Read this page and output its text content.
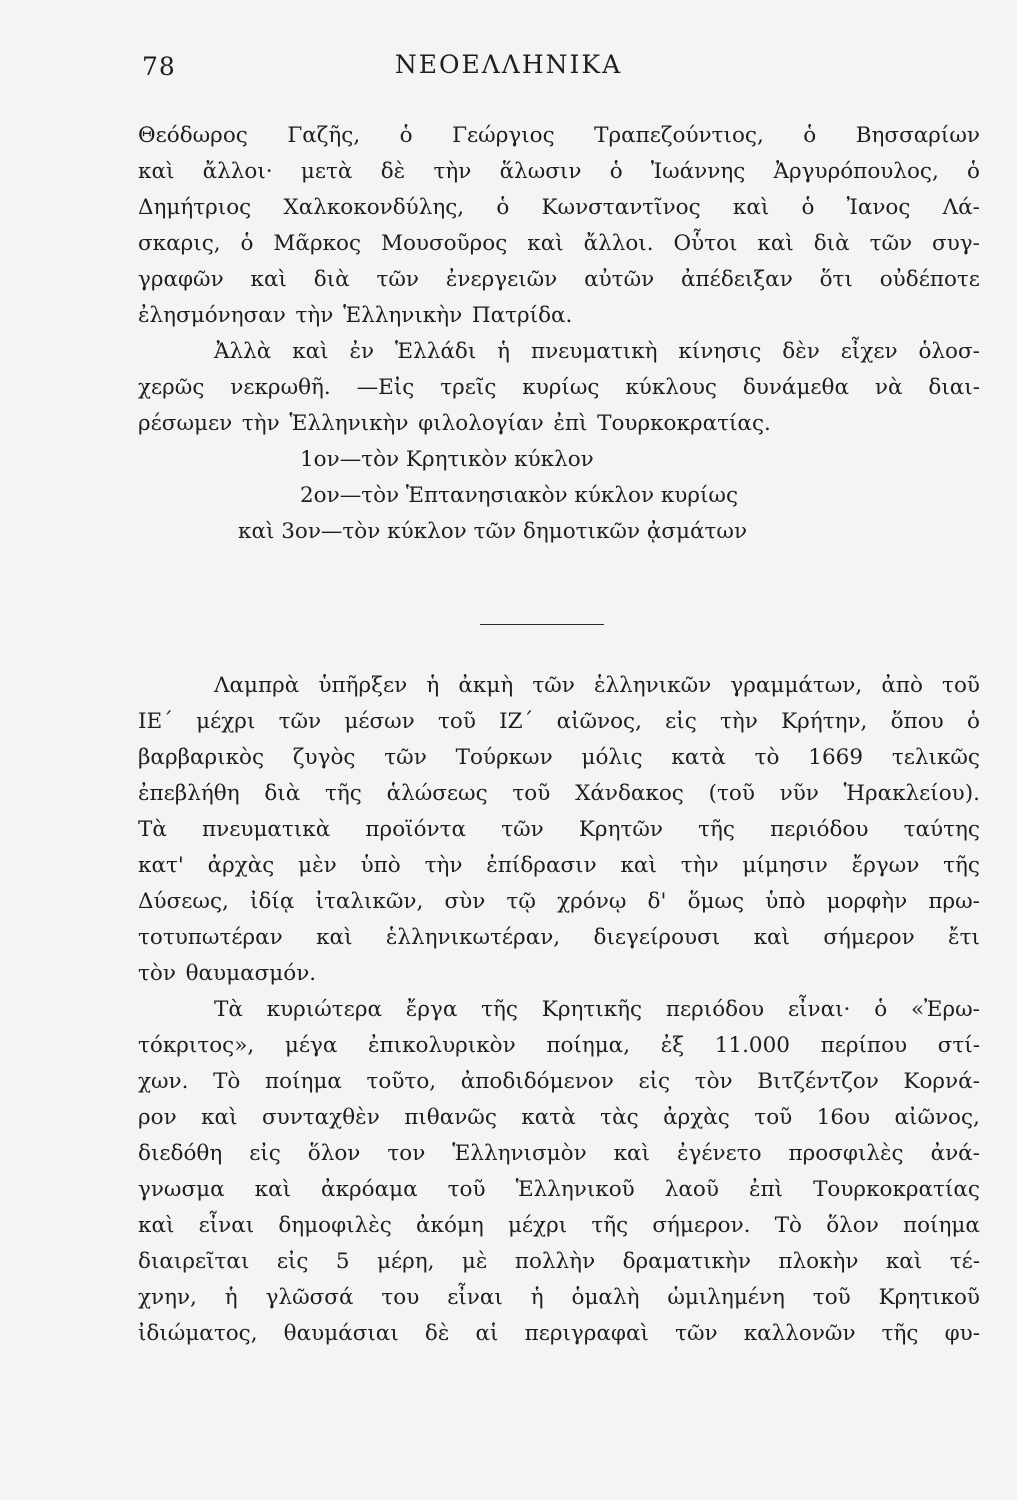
78	ΝΕΟΕΛΛΗΝΙΚΑ
Θεόδωρος Γαζῆς, ὁ Γεώργιος Τραπεζούντιος, ὁ Βησσαρίων
καὶ ἄλλοι· μετὰ δὲ τὴν ἅλωσιν ὁ Ἰωάννης Ἀργυρόπουλος, ὁ
Δημήτριος Χαλκοκονδύλης, ὁ Κωνσταντῖνος καὶ ὁ Ἰανος Λά-
σκαρις, ὁ Μᾶρκος Μουσοῦρος καὶ ἄλλοι. Οὗτοι καὶ διὰ τῶν συγ-
γραφῶν καὶ διὰ τῶν ἐνεργειῶν αὐτῶν ἀπέδειξαν ὅτι οὐδέποτε
ἐλησμόνησαν τὴν Ἑλληνικὴν Πατρίδα.
Ἀλλὰ καὶ ἐν Ἑλλάδι ἡ πνευματικὴ κίνησις δὲν εἶχεν ὁλοσ-
χερῶς νεκρωθῆ. —Εἰς τρεῖς κυρίως κύκλους δυνάμεθα νὰ διαι-
ρέσωμεν τὴν Ἑλληνικὴν φιλολογίαν ἐπὶ Τουρκοκρατίας.
1ον—τὸν Κρητικὸν κύκλον
2ον—τὸν Ἑπτανησιακὸν κύκλον κυρίως
καὶ 3ον—τὸν κύκλον τῶν δημοτικῶν ᾀσμάτων
Λαμπρὰ ὑπῆρξεν ἡ ἀκμὴ τῶν ἑλληνικῶν γραμμάτων, ἀπὸ τοῦ
ΙΕ΄ μέχρι τῶν μέσων τοῦ ΙΖ΄ αἰῶνος, εἰς τὴν Κρήτην, ὅπου ὁ
βαρβαρικὸς ζυγὸς τῶν Τούρκων μόλις κατὰ τὸ 1669 τελικῶς
ἐπεβλήθη διὰ τῆς ἁλώσεως τοῦ Χάνδακος (τοῦ νῦν Ἡρακλείου).
Τὰ πνευματικὰ προϊόντα τῶν Κρητῶν τῆς περιόδου ταύτης
κατ' ἀρχὰς μὲν ὑπὸ τὴν ἐπίδρασιν καὶ τὴν μίμησιν ἔργων τῆς
Δύσεως, ἰδίᾳ ἰταλικῶν, σὺν τῷ χρόνῳ δ' ὅμως ὑπὸ μορφὴν πρω-
τοτυπωτέραν καὶ ἑλληνικωτέραν, διεγείρουσι καὶ σήμερον ἔτι
τὸν θαυμασμόν.
Τὰ κυριώτερα ἔργα τῆς Κρητικῆς περιόδου εἶναι· ὁ «Ἐρω-
τόκριτος», μέγα ἐπικολυρικὸν ποίημα, ἐξ 11.000 περίπου στί-
χων. Τὸ ποίημα τοῦτο, ἀποδιδόμενον εἰς τὸν Βιτζέντζον Κορνά-
ρον καὶ συνταχθὲν πιθανῶς κατὰ τὰς ἀρχὰς τοῦ 16ου αἰῶνος,
διεδόθη εἰς ὅλον τον Ἑλληνισμὸν καὶ ἐγένετο προσφιλὲς ἀνά-
γνωσμα καὶ ἀκρόαμα τοῦ Ἑλληνικοῦ λαοῦ ἐπὶ Τουρκοκρατίας
καὶ εἶναι δημοφιλὲς ἀκόμη μέχρι τῆς σήμερον. Τὸ ὅλον ποίημα
διαιρεῖται εἰς 5 μέρη, μὲ πολλὴν δραματικὴν πλοκὴν καὶ τέ-
χνην, ἡ γλῶσσά του εἶναι ἡ ὁμαλὴ ὡμιλημένη τοῦ Κρητικοῦ
ἰδιώματος, θαυμάσιαι δὲ αἱ περιγραφαὶ τῶν καλλονῶν τῆς φυ-
